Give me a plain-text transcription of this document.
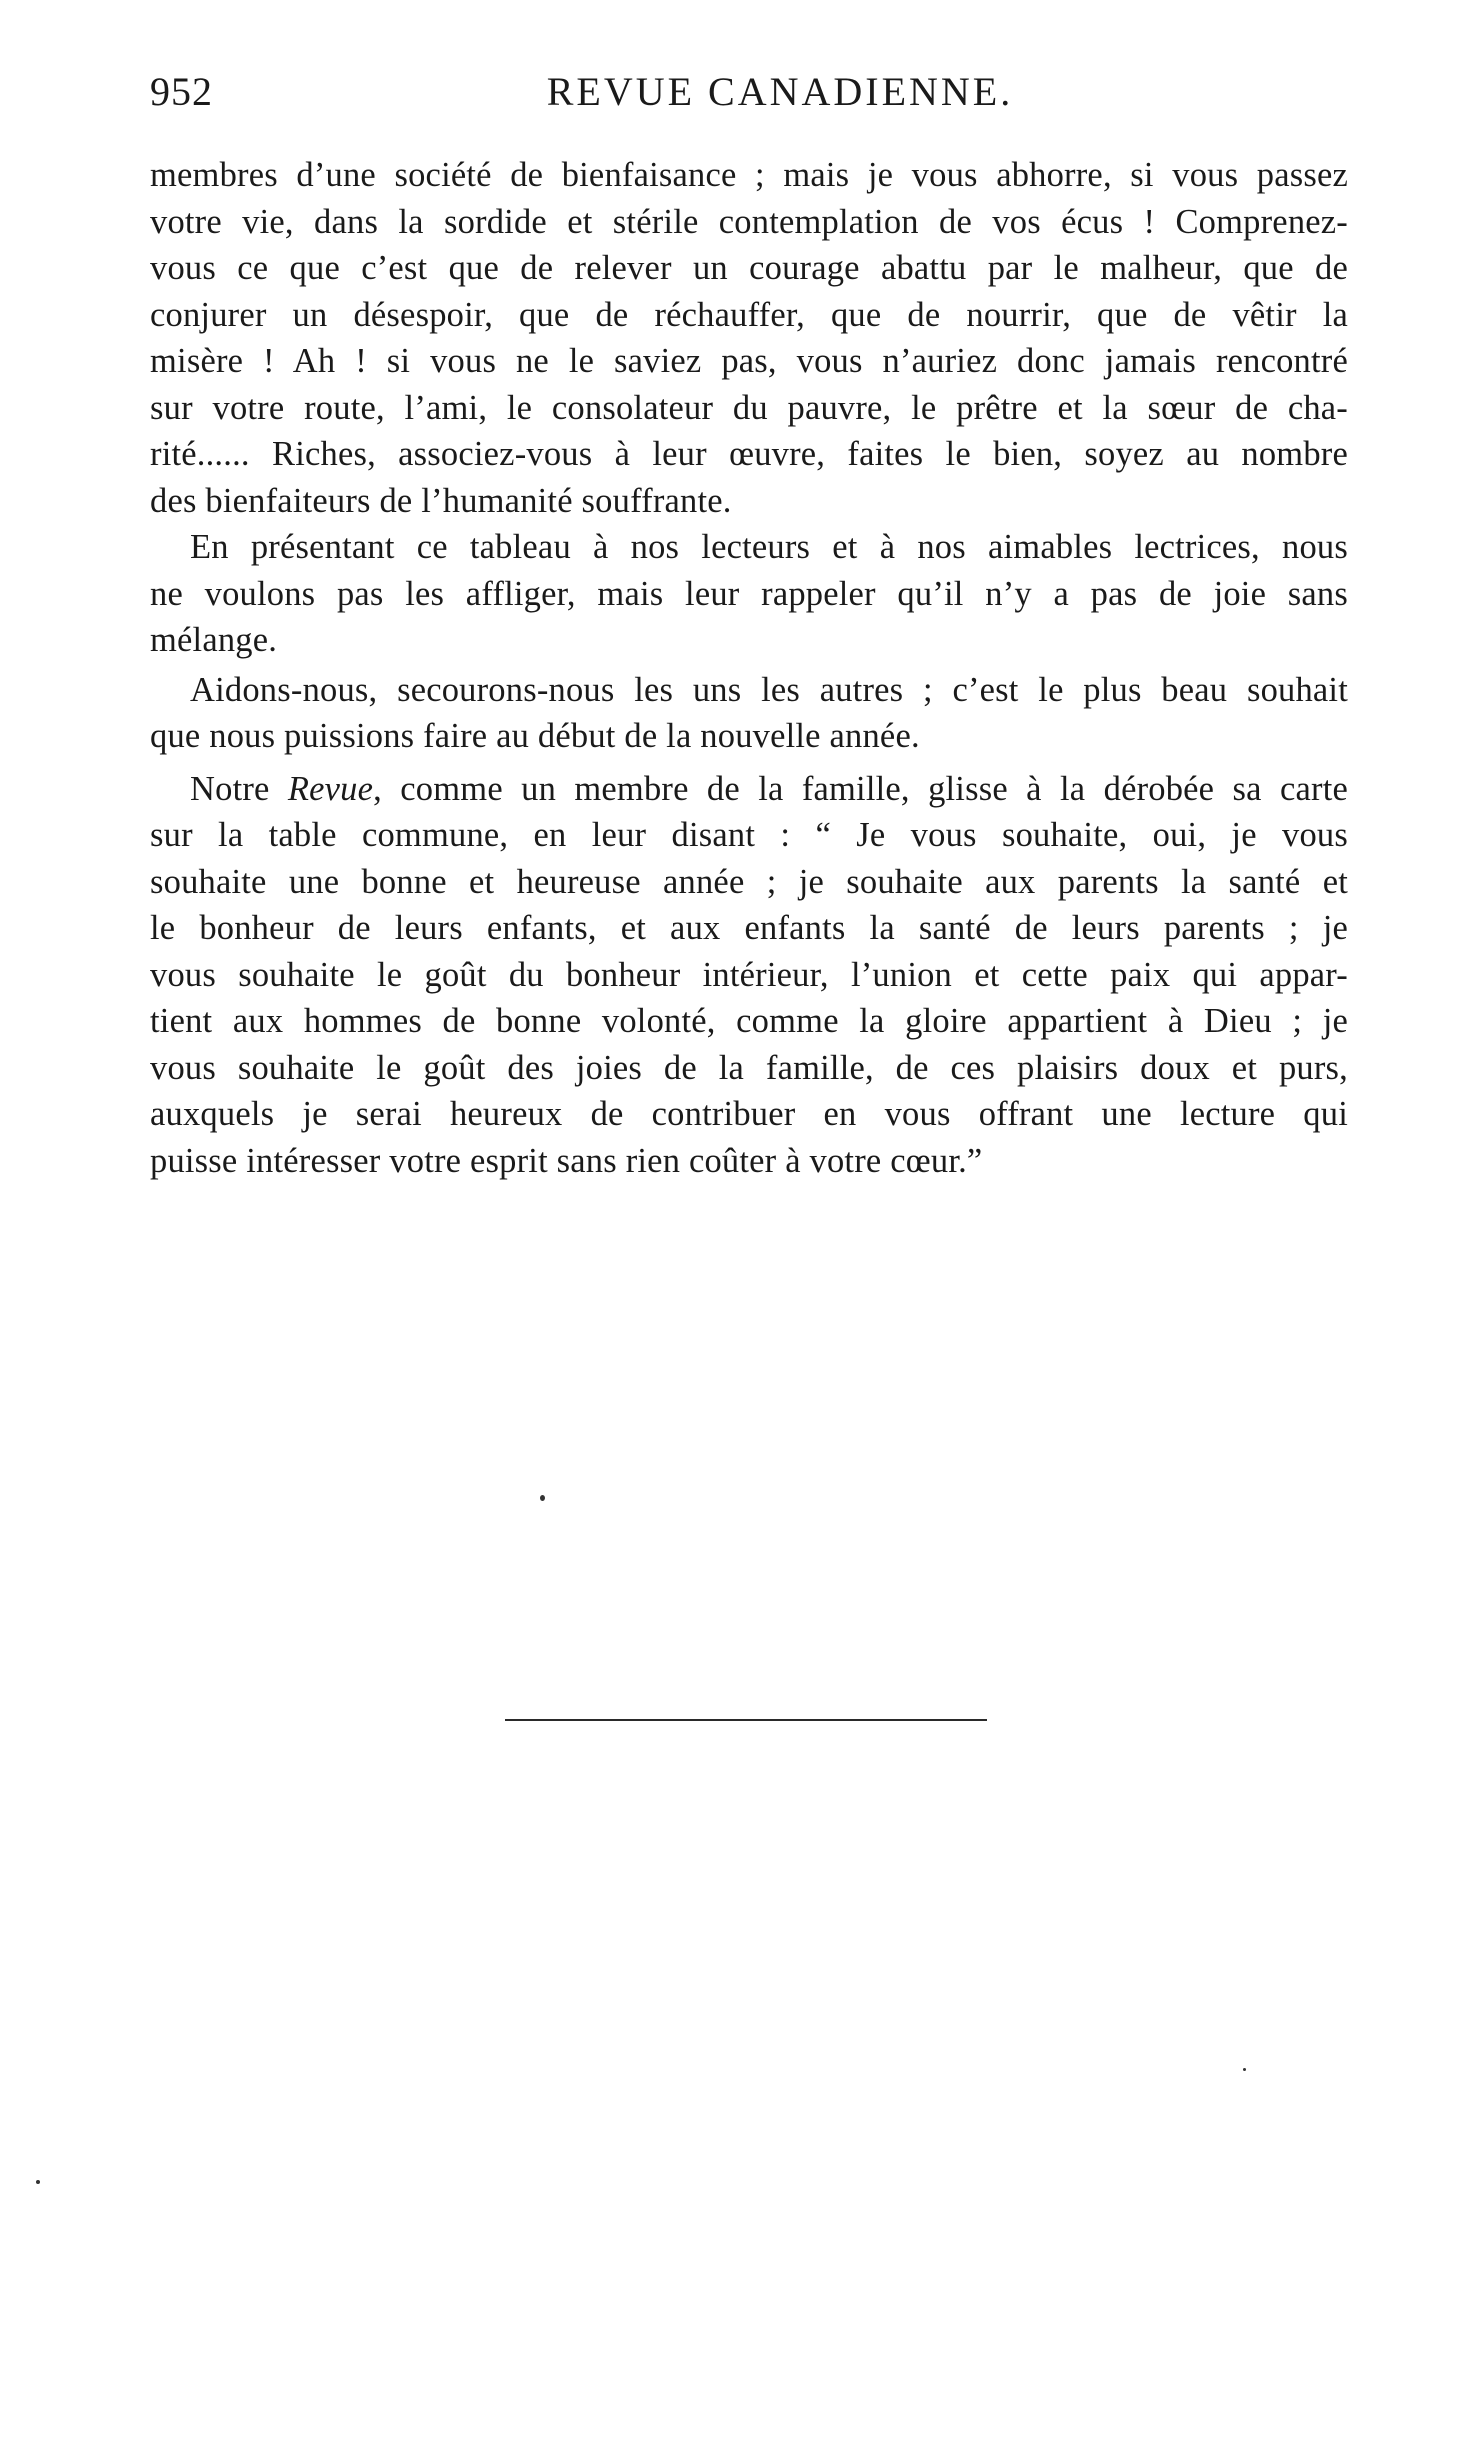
952	REVUE CANADIENNE.
membres d’une société de bienfaisance ; mais je vous abhorre, si vous passez
votre vie, dans la sordide et stérile contemplation de vos écus ! Comprenez-
vous ce que c’est que de relever un courage abattu par le malheur, que de
conjurer un désespoir, que de réchauffer, que de nourrir, que de vêtir la
misère ! Ah ! si vous ne le saviez pas, vous n’auriez donc jamais rencontré
sur votre route, l’ami, le consolateur du pauvre, le prêtre et la sœur de cha-
rité...... Riches, associez-vous à leur œuvre, faites le bien, soyez au nombre
des bienfaiteurs de l’humanité souffrante.
En présentant ce tableau à nos lecteurs et à nos aimables lectrices, nous
ne voulons pas les affliger, mais leur rappeler qu’il n’y a pas de joie sans
mélange.
Aidons-nous, secourons-nous les uns les autres ; c’est le plus beau souhait
que nous puissions faire au début de la nouvelle année.
Notre Revue, comme un membre de la famille, glisse à la dérobée sa carte
sur la table commune, en leur disant : “ Je vous souhaite, oui, je vous
souhaite une bonne et heureuse année ; je souhaite aux parents la santé et
le bonheur de leurs enfants, et aux enfants la santé de leurs parents ; je
vous souhaite le goût du bonheur intérieur, l’union et cette paix qui appar-
tient aux hommes de bonne volonté, comme la gloire appartient à Dieu ; je
vous souhaite le goût des joies de la famille, de ces plaisirs doux et purs,
auxquels je serai heureux de contribuer en vous offrant une lecture qui
puisse intéresser votre esprit sans rien coûter à votre cœur.”
